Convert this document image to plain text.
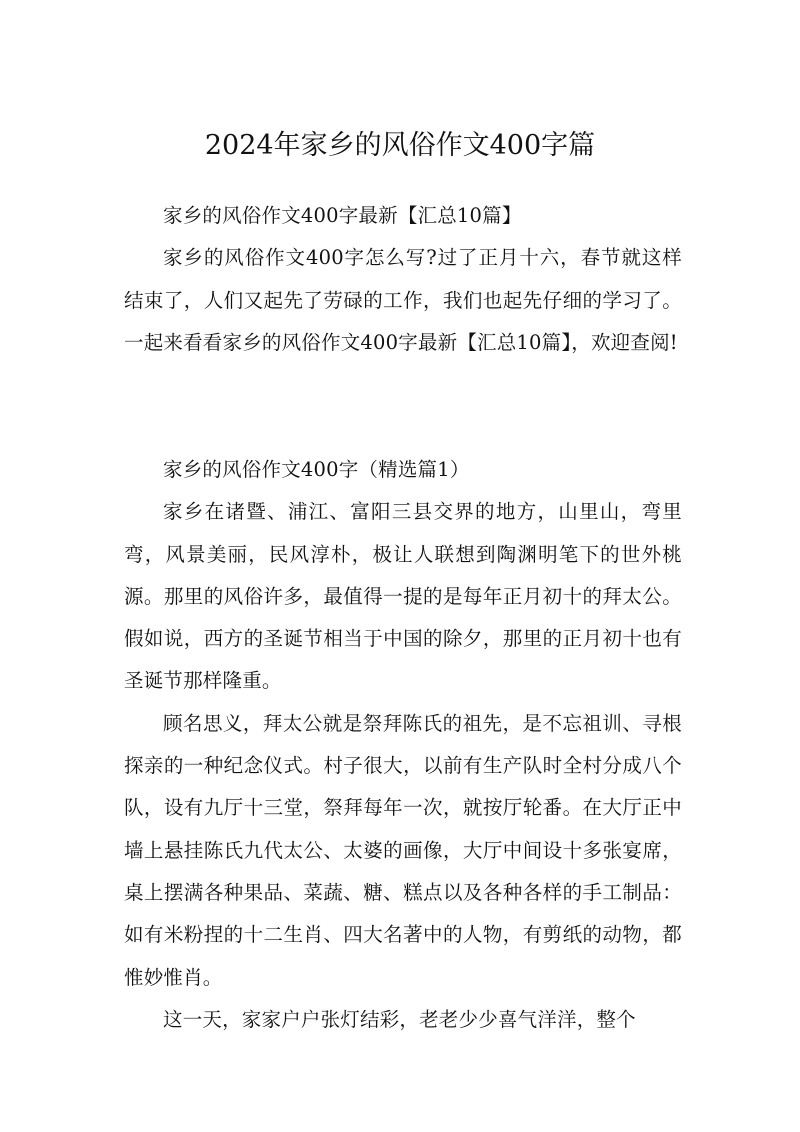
2024年家乡的风俗作文400字篇

家乡的风俗作文400字最新【汇总10篇】

家乡的风俗作文400字怎么写?过了正月十六，春节就这样结束了，人们又起先了劳碌的工作，我们也起先仔细的学习了。一起来看看家乡的风俗作文400字最新【汇总10篇】，欢迎查阅!

家乡的风俗作文400字（精选篇1）

家乡在诸暨、浦江、富阳三县交界的地方，山里山，弯里弯，风景美丽，民风淳朴，极让人联想到陶渊明笔下的世外桃源。那里的风俗许多，最值得一提的是每年正月初十的拜太公。假如说，西方的圣诞节相当于中国的除夕，那里的正月初十也有圣诞节那样隆重。

顾名思义，拜太公就是祭拜陈氏的祖先，是不忘祖训、寻根探亲的一种纪念仪式。村子很大，以前有生产队时全村分成八个队，设有九厅十三堂，祭拜每年一次，就按厅轮番。在大厅正中墙上悬挂陈氏九代太公、太婆的画像，大厅中间设十多张宴席，桌上摆满各种果品、菜蔬、糖、糕点以及各种各样的手工制品：如有米粉捏的十二生肖、四大名著中的人物，有剪纸的动物，都惟妙惟肖。

这一天，家家户户张灯结彩，老老少少喜气洋洋，整个
